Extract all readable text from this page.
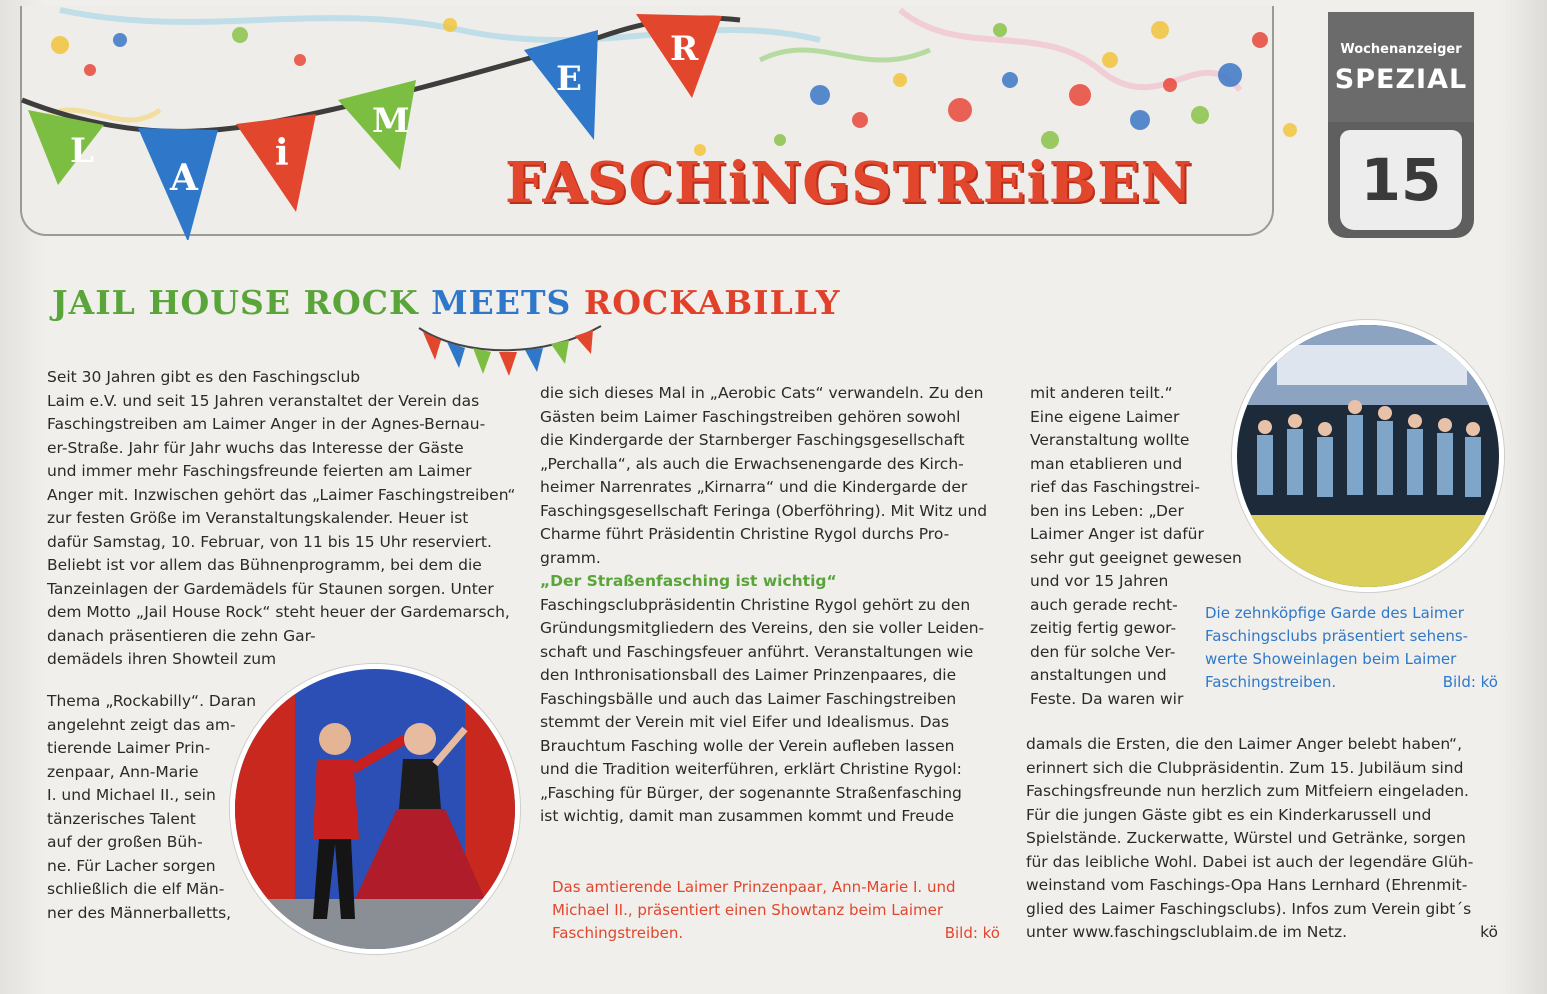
L
A
i
M
E
R
FASCHiNGSTREiBEN
Wochenanzeiger
SPEZIAL
15
JAIL HOUSE ROCK MEETS ROCKABILLY

Seit 30 Jahren gibt es den Faschingsclub

Laim e.V. und seit 15 Jahren veranstaltet der Verein das

Faschingstreiben am Laimer Anger in der Agnes-Bernau-

er-Straße. Jahr für Jahr wuchs das Interesse der Gäste

und immer mehr Faschingsfreunde feierten am Laimer

Anger mit. Inzwischen gehört das „Laimer Faschingstreiben“

zur festen Größe im Veranstaltungskalender. Heuer ist

dafür Samstag, 10. Februar, von 11 bis 15 Uhr reserviert.

Beliebt ist vor allem das Bühnenprogramm, bei dem die

Tanzeinlagen der Gardemädels für Staunen sorgen. Unter

dem Motto „Jail House Rock“ steht heuer der Gardemarsch,

danach präsentieren die zehn Gar-

demädels ihren Showteil zum

Thema „Rockabilly“. Daran

angelehnt zeigt das am-

tierende Laimer Prin-

zenpaar, Ann-Marie

I. und Michael II., sein

tänzerisches Talent

auf der großen Büh-

ne. Für Lacher sorgen

schließlich die elf Män-

ner des Männerballetts,

die sich dieses Mal in „Aerobic Cats“ verwandeln. Zu den

Gästen beim Laimer Faschingstreiben gehören sowohl

die Kindergarde der Starnberger Faschingsgesellschaft

„Perchalla“, als auch die Erwachsenengarde des Kirch-

heimer Narrenrates „Kirnarra“ und die Kindergarde der

Faschingsgesellschaft Feringa (Oberföhring). Mit Witz und

Charme führt Präsidentin Christine Rygol durchs Pro-

gramm.

„Der Straßenfasching ist wichtig“

Faschingsclubpräsidentin Christine Rygol gehört zu den

Gründungsmitgliedern des Vereins, den sie voller Leiden-

schaft und Faschingsfeuer anführt. Veranstaltungen wie

den Inthronisationsball des Laimer Prinzenpaares, die

Faschingsbälle und auch das Laimer Faschingstreiben

stemmt der Verein mit viel Eifer und Idealismus. Das

Brauchtum Fasching wolle der Verein aufleben lassen

und die Tradition weiterführen, erklärt Christine Rygol:

„Fasching für Bürger, der sogenannte Straßenfasching

ist wichtig, damit man zusammen kommt und Freude

Das amtierende Laimer Prinzenpaar, Ann-Marie I. und
Michael II., präsentiert einen Showtanz beim Laimer
Faschingstreiben.	Bild: kö

mit anderen teilt.“

Eine eigene Laimer

Veranstaltung wollte

man etablieren und

rief das Faschingstrei-

ben ins Leben: „Der

Laimer Anger ist dafür

sehr gut geeignet gewesen

und vor 15 Jahren

auch gerade recht-

zeitig fertig gewor-

den für solche Ver-

anstaltungen und

Feste. Da waren wir

damals die Ersten, die den Laimer Anger belebt haben“,

erinnert sich die Clubpräsidentin. Zum 15. Jubiläum sind

Faschingsfreunde nun herzlich zum Mitfeiern eingeladen.

Für die jungen Gäste gibt es ein Kinderkarussell und

Spielstände. Zuckerwatte, Würstel und Getränke, sorgen

für das leibliche Wohl. Dabei ist auch der legendäre Glüh-

weinstand vom Faschings-Opa Hans Lernhard (Ehrenmit-

glied des Laimer Faschingsclubs). Infos zum Verein gibt´s

unter www.faschingsclublaim.de im Netz.	kö

Die zehnköpfige Garde des Laimer
Faschingsclubs präsentiert sehens-
werte Showeinlagen beim Laimer
Faschingstreiben.	Bild: kö
